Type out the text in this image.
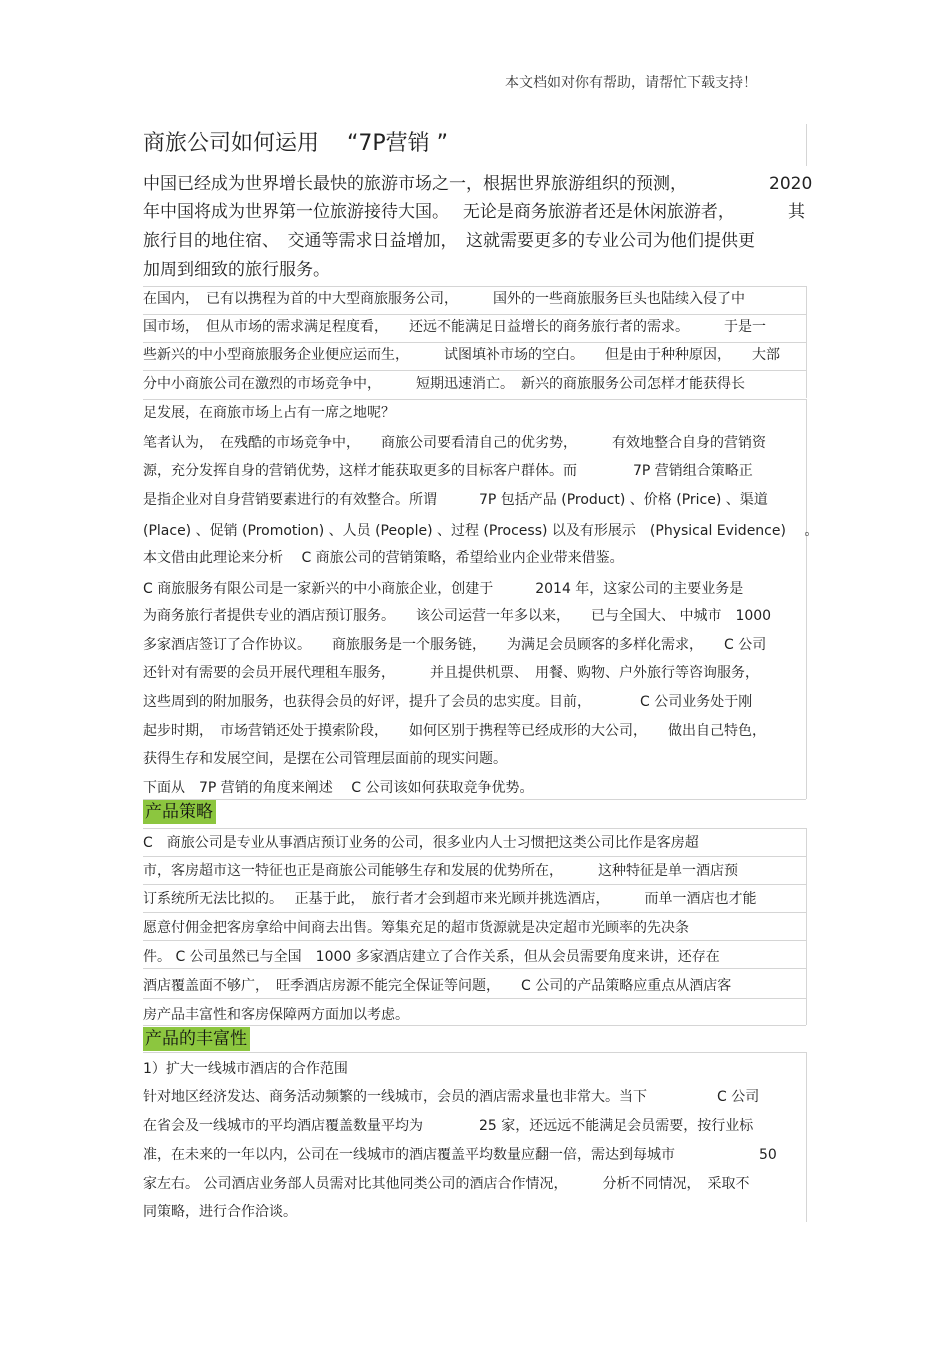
本文档如对你有帮助，请帮忙下载支持！
商旅公司如何运用 “7P营销 ”
中国已经成为世界增长最快的旅游市场之一，根据世界旅游组织的预测，	2020
年中国将成为世界第一位旅游接待大国。　 无论是商务旅游者还是休闲旅游者，	其
旅行目的地住宿、　交通等需求日益增加，　这就需要更多的专业公司为他们提供更
加周到细致的旅行服务。
在国内，　已有以携程为首的中大型商旅服务公司，　　　国外的一些商旅服务巨头也陆续入侵了中
国市场，　但从市场的需求满足程度看，　　还远不能满足日益增长的商务旅行者的需求。　　　于是一
些新兴的中小型商旅服务企业便应运而生，　　　试图填补市场的空白。　　但是由于种种原因，　　大部
分中小商旅公司在激烈的市场竞争中，　　　短期迅速消亡。　新兴的商旅服务公司怎样才能获得长
足发展，在商旅市场上占有一席之地呢？
笔者认为，　在残酷的市场竞争中，　　商旅公司要看清自己的优劣势，　　　有效地整合自身的营销资
源，充分发挥自身的营销优势，这样才能获取更多的目标客户群体。而　　　　7P 营销组合策略正
是指企业对自身营销要素进行的有效整合。所谓　　　7P 包括产品 (Product) 、价格 (Price) 、渠道
(Place) 、促销 (Promotion) 、人员 (People) 、过程 (Process) 以及有形展示　(Physical Evidence)　 。
本文借由此理论来分析　 C 商旅公司的营销策略，希望给业内企业带来借鉴。
C 商旅服务有限公司是一家新兴的中小商旅企业，创建于　　　2014 年，这家公司的主要业务是
为商务旅行者提供专业的酒店预订服务。　　该公司运营一年多以来，　　已与全国大、 中城市　1000
多家酒店签订了合作协议。　　商旅服务是一个服务链，　　为满足会员顾客的多样化需求，　　C 公司
还针对有需要的会员开展代理租车服务，　　　并且提供机票、　用餐、购物、户外旅行等咨询服务，
这些周到的附加服务，也获得会员的好评，提升了会员的忠实度。目前，　　　　C 公司业务处于刚
起步时期，　市场营销还处于摸索阶段，　　如何区别于携程等已经成形的大公司，　　做出自己特色，
获得生存和发展空间，是摆在公司管理层面前的现实问题。
下面从　7P 营销的角度来阐述　 C 公司该如何获取竞争优势。
产品策略
C　商旅公司是专业从事酒店预订业务的公司，很多业内人士习惯把这类公司比作是客房超
市，客房超市这一特征也正是商旅公司能够生存和发展的优势所在，　　　这种特征是单一酒店预
订系统所无法比拟的。　 正基于此，　旅行者才会到超市来光顾并挑选酒店，　　　而单一酒店也才能
愿意付佣金把客房拿给中间商去出售。筹集充足的超市货源就是决定超市光顾率的先决条
件。 C 公司虽然已与全国　1000 多家酒店建立了合作关系，但从会员需要角度来讲，还存在
酒店覆盖面不够广，　旺季酒店房源不能完全保证等问题，　　C 公司的产品策略应重点从酒店客
房产品丰富性和客房保障两方面加以考虑。
产品的丰富性
1）扩大一线城市酒店的合作范围
针对地区经济发达、商务活动频繁的一线城市，会员的酒店需求量也非常大。当下　　　　　C 公司
在省会及一线城市的平均酒店覆盖数量平均为　　　　25 家，还远远不能满足会员需要，按行业标
准，在未来的一年以内，公司在一线城市的酒店覆盖平均数量应翻一倍，需达到每城市　　　　　　50
家左右。 公司酒店业务部人员需对比其他同类公司的酒店合作情况，　　　分析不同情况，　采取不
同策略，进行合作洽谈。
